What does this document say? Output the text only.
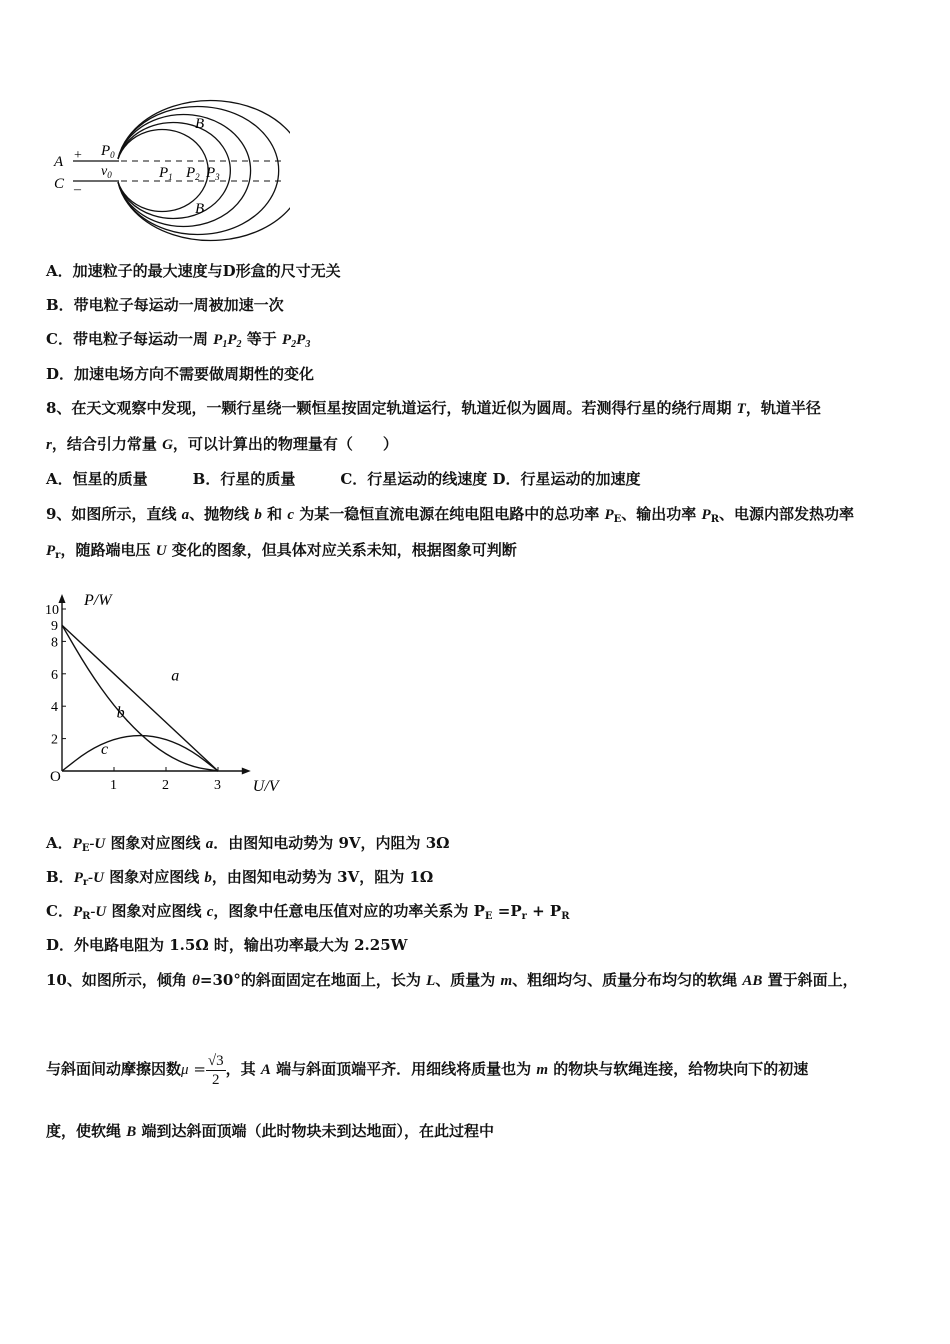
A
C
+
–
$P_0$
$v_0$	$P_1$ $P_2$ $P_3$
B
B
A．加速粒子的最大速度与D形盒的尺寸无关
B．带电粒子每运动一周被加速一次
C．带电粒子每运动一周 $P_1P_2$ 等于 $P_2P_3$
D．加速电场方向不需要做周期性的变化
8、在天文观察中发现，一颗行星绕一颗恒星按固定轨道运行，轨道近似为圆周。若测得行星的绕行周期 T，轨道半径
r，结合引力常量 G，可以计算出的物理量有（　　）
A．恒星的质量　　　B．行星的质量　　　C．行星运动的线速度 D．行星运动的加速度
9、如图所示，直线 a、抛物线 b 和 c 为某一稳恒直流电源在纯电阻电路中的总功率 $P_E$、输出功率 $P_R$、电源内部发热功率
$P_r$，随路端电压 U 变化的图象，但具体对应关系未知，根据图象可判断
P/W
U/V
O
1	2	3
2
4
6
8
10
9
a
b
c
A．$P_E-U$ 图象对应图线 a．由图知电动势为 9V，内阻为 3Ω
B．$P_r-U$ 图象对应图线 b，由图知电动势为 3V，阻为 1Ω
C．$P_R-U$ 图象对应图线 c，图象中任意电压值对应的功率关系为 $P_E =P_r + P_R$
D．外电路电阻为 1.5Ω 时，输出功率最大为 2.25W
10、如图所示，倾角 θ=30°的斜面固定在地面上，长为 L、质量为 m、粗细均匀、质量分布均匀的软绳 AB 置于斜面上，
与斜面间动摩擦因数$\mu = \frac{√3}{2}$ ，其 A 端与斜面顶端平齐．用细线将质量也为 m 的物块与软绳连接，给物块向下的初速
度，使软绳 B 端到达斜面顶端（此时物块未到达地面），在此过程中
